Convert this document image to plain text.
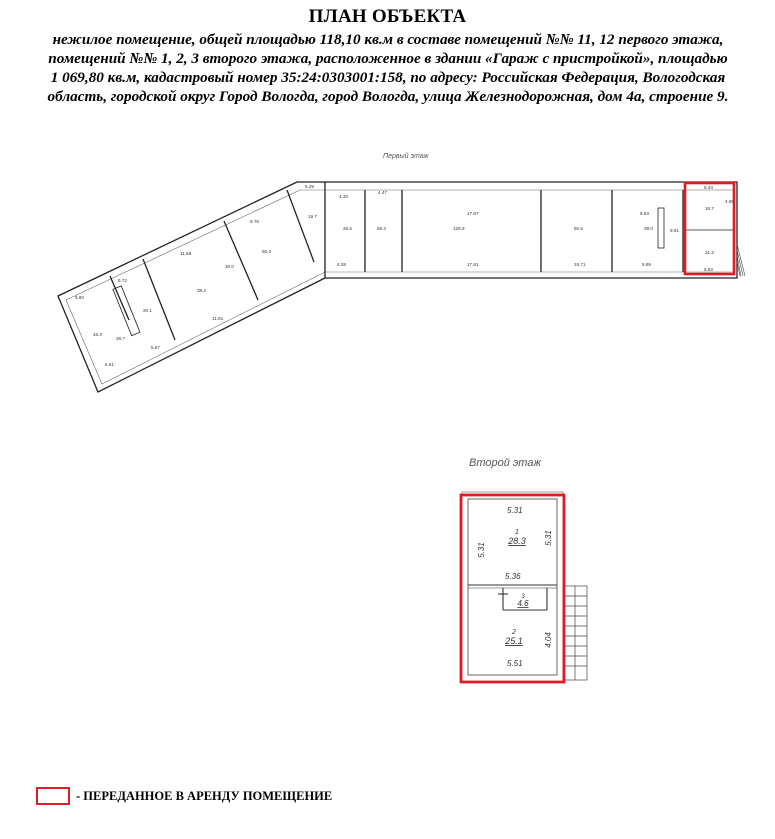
ПЛАН ОБЪЕКТА
нежилое помещение, общей площадью 118,10 кв.м в составе помещений №№ 11, 12 первого этажа,
помещений №№ 1, 2, 3 второго этажа, расположенное в здании «Гараж с пристройкой», площадью
1 069,80 кв.м, кадастровый номер 35:24:0303001:158, по адресу: Российская Федерация, Вологодская
область, городской округ Город Вологда, город Вологда, улица Железнодорожная, дом 4а, строение 9.
Первый этаж
5.29
4.33
4.47
17.87
17.81
4.28	15.71	9.69
8.63
5.44
5.53
11.66
11.91
8.76
5.72
5.60
5.67
5.61
9.81
4.60
46.3
20.1
38.2
90.3
19.7
26.5	128.9	50.5	39.0
18.7
31.2
56.3
28.7
30.0
Второй этаж
5.31
5.31
5.31
5.36
4.04
5.51
1
28.3
3
4.6
2
25.1
- ПЕРЕДАННОЕ В АРЕНДУ ПОМЕЩЕНИЕ
